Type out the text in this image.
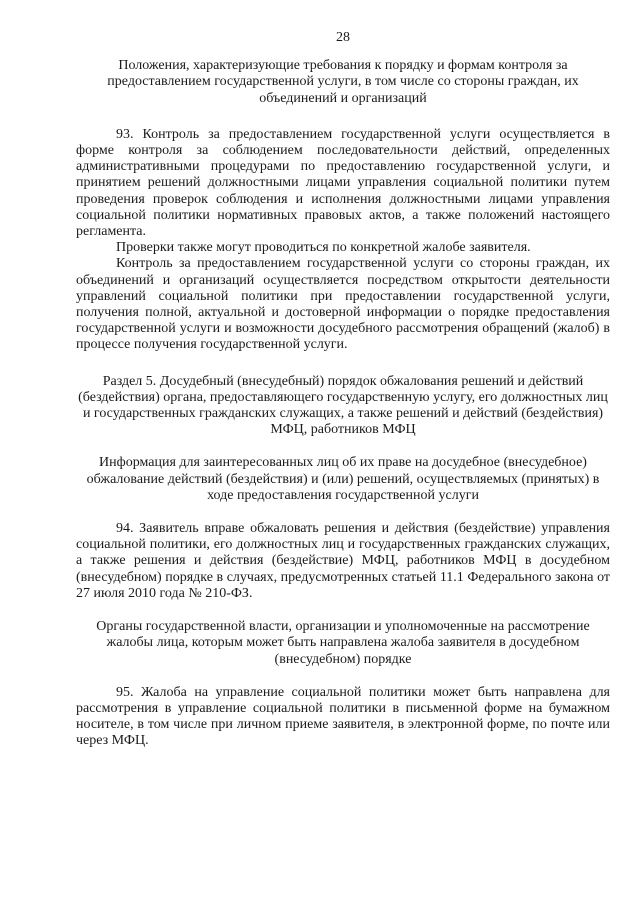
28

Положения, характеризующие требования к порядку и формам контроля за предоставлением государственной услуги, в том числе со стороны граждан, их объединений и организаций

93. Контроль за предоставлением государственной услуги осуществляется в форме контроля за соблюдением последовательности действий, определенных административными процедурами по предоставлению государственной услуги, и принятием решений должностными лицами управления социальной политики путем проведения проверок соблюдения и исполнения должностными лицами управления социальной политики нормативных правовых актов, а также положений настоящего регламента.

Проверки также могут проводиться по конкретной жалобе заявителя.

Контроль за предоставлением государственной услуги со стороны граждан, их объединений и организаций осуществляется посредством открытости деятельности управлений социальной политики при предоставлении государственной услуги, получения полной, актуальной и достоверной информации о порядке предоставления государственной услуги и возможности досудебного рассмотрения обращений (жалоб) в процессе получения государственной услуги.

Раздел 5. Досудебный (внесудебный) порядок обжалования решений и действий (бездействия) органа, предоставляющего государственную услугу, его должностных лиц и государственных гражданских служащих, а также решений и действий (бездействия) МФЦ, работников МФЦ

Информация для заинтересованных лиц об их праве на досудебное (внесудебное) обжалование действий (бездействия) и (или) решений, осуществляемых (принятых) в ходе предоставления государственной услуги

94. Заявитель вправе обжаловать решения и действия (бездействие) управления социальной политики, его должностных лиц и государственных гражданских служащих, а также решения и действия (бездействие) МФЦ, работников МФЦ в досудебном (внесудебном) порядке в случаях, предусмотренных статьей 11.1 Федерального закона от 27 июля 2010 года № 210-ФЗ.

Органы государственной власти, организации и уполномоченные на рассмотрение жалобы лица, которым может быть направлена жалоба заявителя в досудебном (внесудебном) порядке

95. Жалоба на управление социальной политики может быть направлена для рассмотрения в управление социальной политики в письменной форме на бумажном носителе, в том числе при личном приеме заявителя, в электронной форме, по почте или через МФЦ.
